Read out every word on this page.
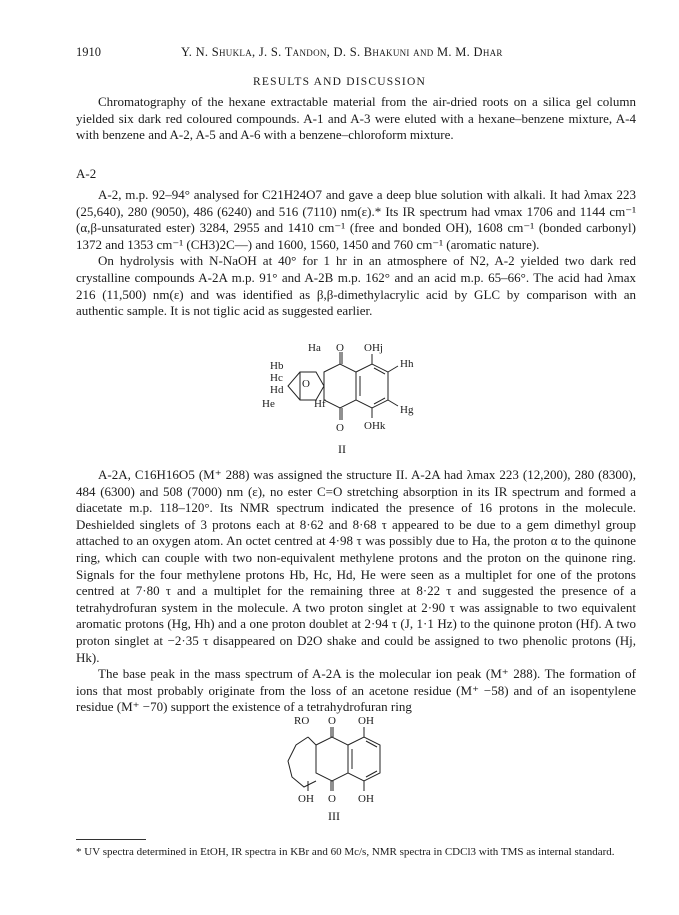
1910	Y. N. Shukla, J. S. Tandon, D. S. Bhakuni and M. M. Dhar
RESULTS AND DISCUSSION

Chromatography of the hexane extractable material from the air-dried roots on a silica gel column yielded six dark red coloured compounds. A-1 and A-3 were eluted with a hexane–benzene mixture, A-4 with benzene and A-2, A-5 and A-6 with a benzene–chloroform mixture.

A-2

A-2, m.p. 92–94° analysed for C21H24O7 and gave a deep blue solution with alkali. It had λmax 223 (25,640), 280 (9050), 486 (6240) and 516 (7110) nm(ε).* Its IR spectrum had νmax 1706 and 1144 cm⁻¹ (α,β-unsaturated ester) 3284, 2955 and 1410 cm⁻¹ (free and bonded OH), 1608 cm⁻¹ (bonded carbonyl) 1372 and 1353 cm⁻¹ (CH3)2C—) and 1600, 1560, 1450 and 760 cm⁻¹ (aromatic nature).

On hydrolysis with N-NaOH at 40° for 1 hr in an atmosphere of N2, A-2 yielded two dark red crystalline compounds A-2A m.p. 91° and A-2B m.p. 162° and an acid m.p. 65–66°. The acid had λmax 216 (11,500) nm(ε) and was identified as β,β-dimethylacrylic acid by GLC by comparison with an authentic sample. It is not tiglic acid as suggested earlier.

Ha O OHj
Hb
Hc
Hd
He
O
Hf
Hh
Hg
O OHk
II

A-2A, C16H16O5 (M⁺ 288) was assigned the structure II. A-2A had λmax 223 (12,200), 280 (8300), 484 (6300) and 508 (7000) nm (ε), no ester C=O stretching absorption in its IR spectrum and formed a diacetate m.p. 118–120°. Its NMR spectrum indicated the presence of 16 protons in the molecule. Deshielded singlets of 3 protons each at 8·62 and 8·68 τ appeared to be due to a gem dimethyl group attached to an oxygen atom. An octet centred at 4·98 τ was possibly due to Ha, the proton α to the quinone ring, which can couple with two non-equivalent methylene protons and the proton on the quinone ring. Signals for the four methylene protons Hb, Hc, Hd, He were seen as a multiplet for one of the protons centred at 7·80 τ and a multiplet for the remaining three at 8·22 τ and suggested the presence of a tetrahydrofuran system in the molecule. A two proton singlet at 2·90 τ was assignable to two equivalent aromatic protons (Hg, Hh) and a one proton doublet at 2·94 τ (J, 1·1 Hz) to the quinone proton (Hf). A two proton singlet at −2·35 τ disappeared on D2O shake and could be assigned to two phenolic protons (Hj, Hk).

The base peak in the mass spectrum of A-2A is the molecular ion peak (M⁺ 288). The formation of ions that most probably originate from the loss of an acetone residue (M⁺ −58) and of an isopentylene residue (M⁺ −70) support the existence of a tetrahydrofuran ring

RO O OH
OH O OH
III
* UV spectra determined in EtOH, IR spectra in KBr and 60 Mc/s, NMR spectra in CDCl3 with TMS as internal standard.
